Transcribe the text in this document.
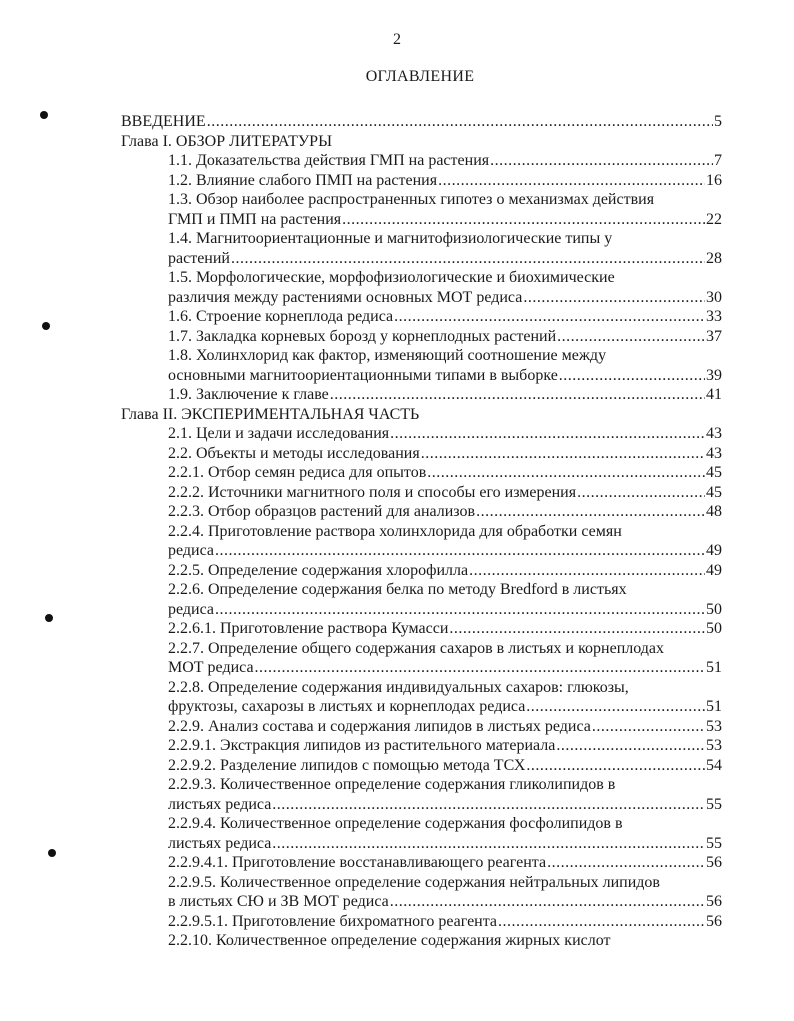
2
ОГЛАВЛЕНИЕ
ВВЕДЕНИЕ .....	5
Глава I. ОБЗОР ЛИТЕРАТУРЫ
1.1. Доказательства действия ГМП на растения .....	7
1.2. Влияние слабого ПМП на растения .....	16
1.3. Обзор наиболее распространенных гипотез о механизмах действия
ГМП и ПМП на растения .....	22
1.4. Магнитоориентационные и магнитофизиологические типы у
растений .....	28
1.5. Морфологические, морфофизиологические и биохимические
различия между растениями основных МОТ редиса .....	30
1.6. Строение корнеплода редиса .....	33
1.7. Закладка корневых борозд у корнеплодных растений .....	37
1.8. Холинхлорид как фактор, изменяющий соотношение между
основными магнитоориентационными типами в выборке .....	39
1.9. Заключение к главе .....	41
Глава II. ЭКСПЕРИМЕНТАЛЬНАЯ ЧАСТЬ
2.1. Цели и задачи исследования .....	43
2.2. Объекты и методы исследования .....	43
2.2.1. Отбор семян редиса для опытов .....	45
2.2.2. Источники магнитного поля и способы его измерения .....	45
2.2.3. Отбор образцов растений для анализов .....	48
2.2.4. Приготовление раствора холинхлорида для обработки семян
редиса .....	49
2.2.5. Определение содержания хлорофилла .....	49
2.2.6. Определение содержания белка по методу Bredford в листьях
редиса .....	50
2.2.6.1. Приготовление раствора Кумасси .....	50
2.2.7. Определение общего содержания сахаров в листьях и корнеплодах
МОТ редиса .....	51
2.2.8. Определение содержания индивидуальных сахаров: глюкозы,
фруктозы, сахарозы в листьях и корнеплодах редиса .....	51
2.2.9. Анализ состава и содержания липидов в листьях редиса .....	53
2.2.9.1. Экстракция липидов из растительного материала .....	53
2.2.9.2. Разделение липидов с помощью метода ТСХ .....	54
2.2.9.3. Количественное определение содержания гликолипидов в
листьях редиса .....	55
2.2.9.4. Количественное определение содержания фосфолипидов в
листьях редиса .....	55
2.2.9.4.1. Приготовление восстанавливающего реагента .....	56
2.2.9.5. Количественное определение содержания нейтральных липидов
в листьях СЮ и ЗВ МОТ редиса .....	56
2.2.9.5.1. Приготовление бихроматного реагента .....	56
2.2.10. Количественное определение содержания жирных кислот
